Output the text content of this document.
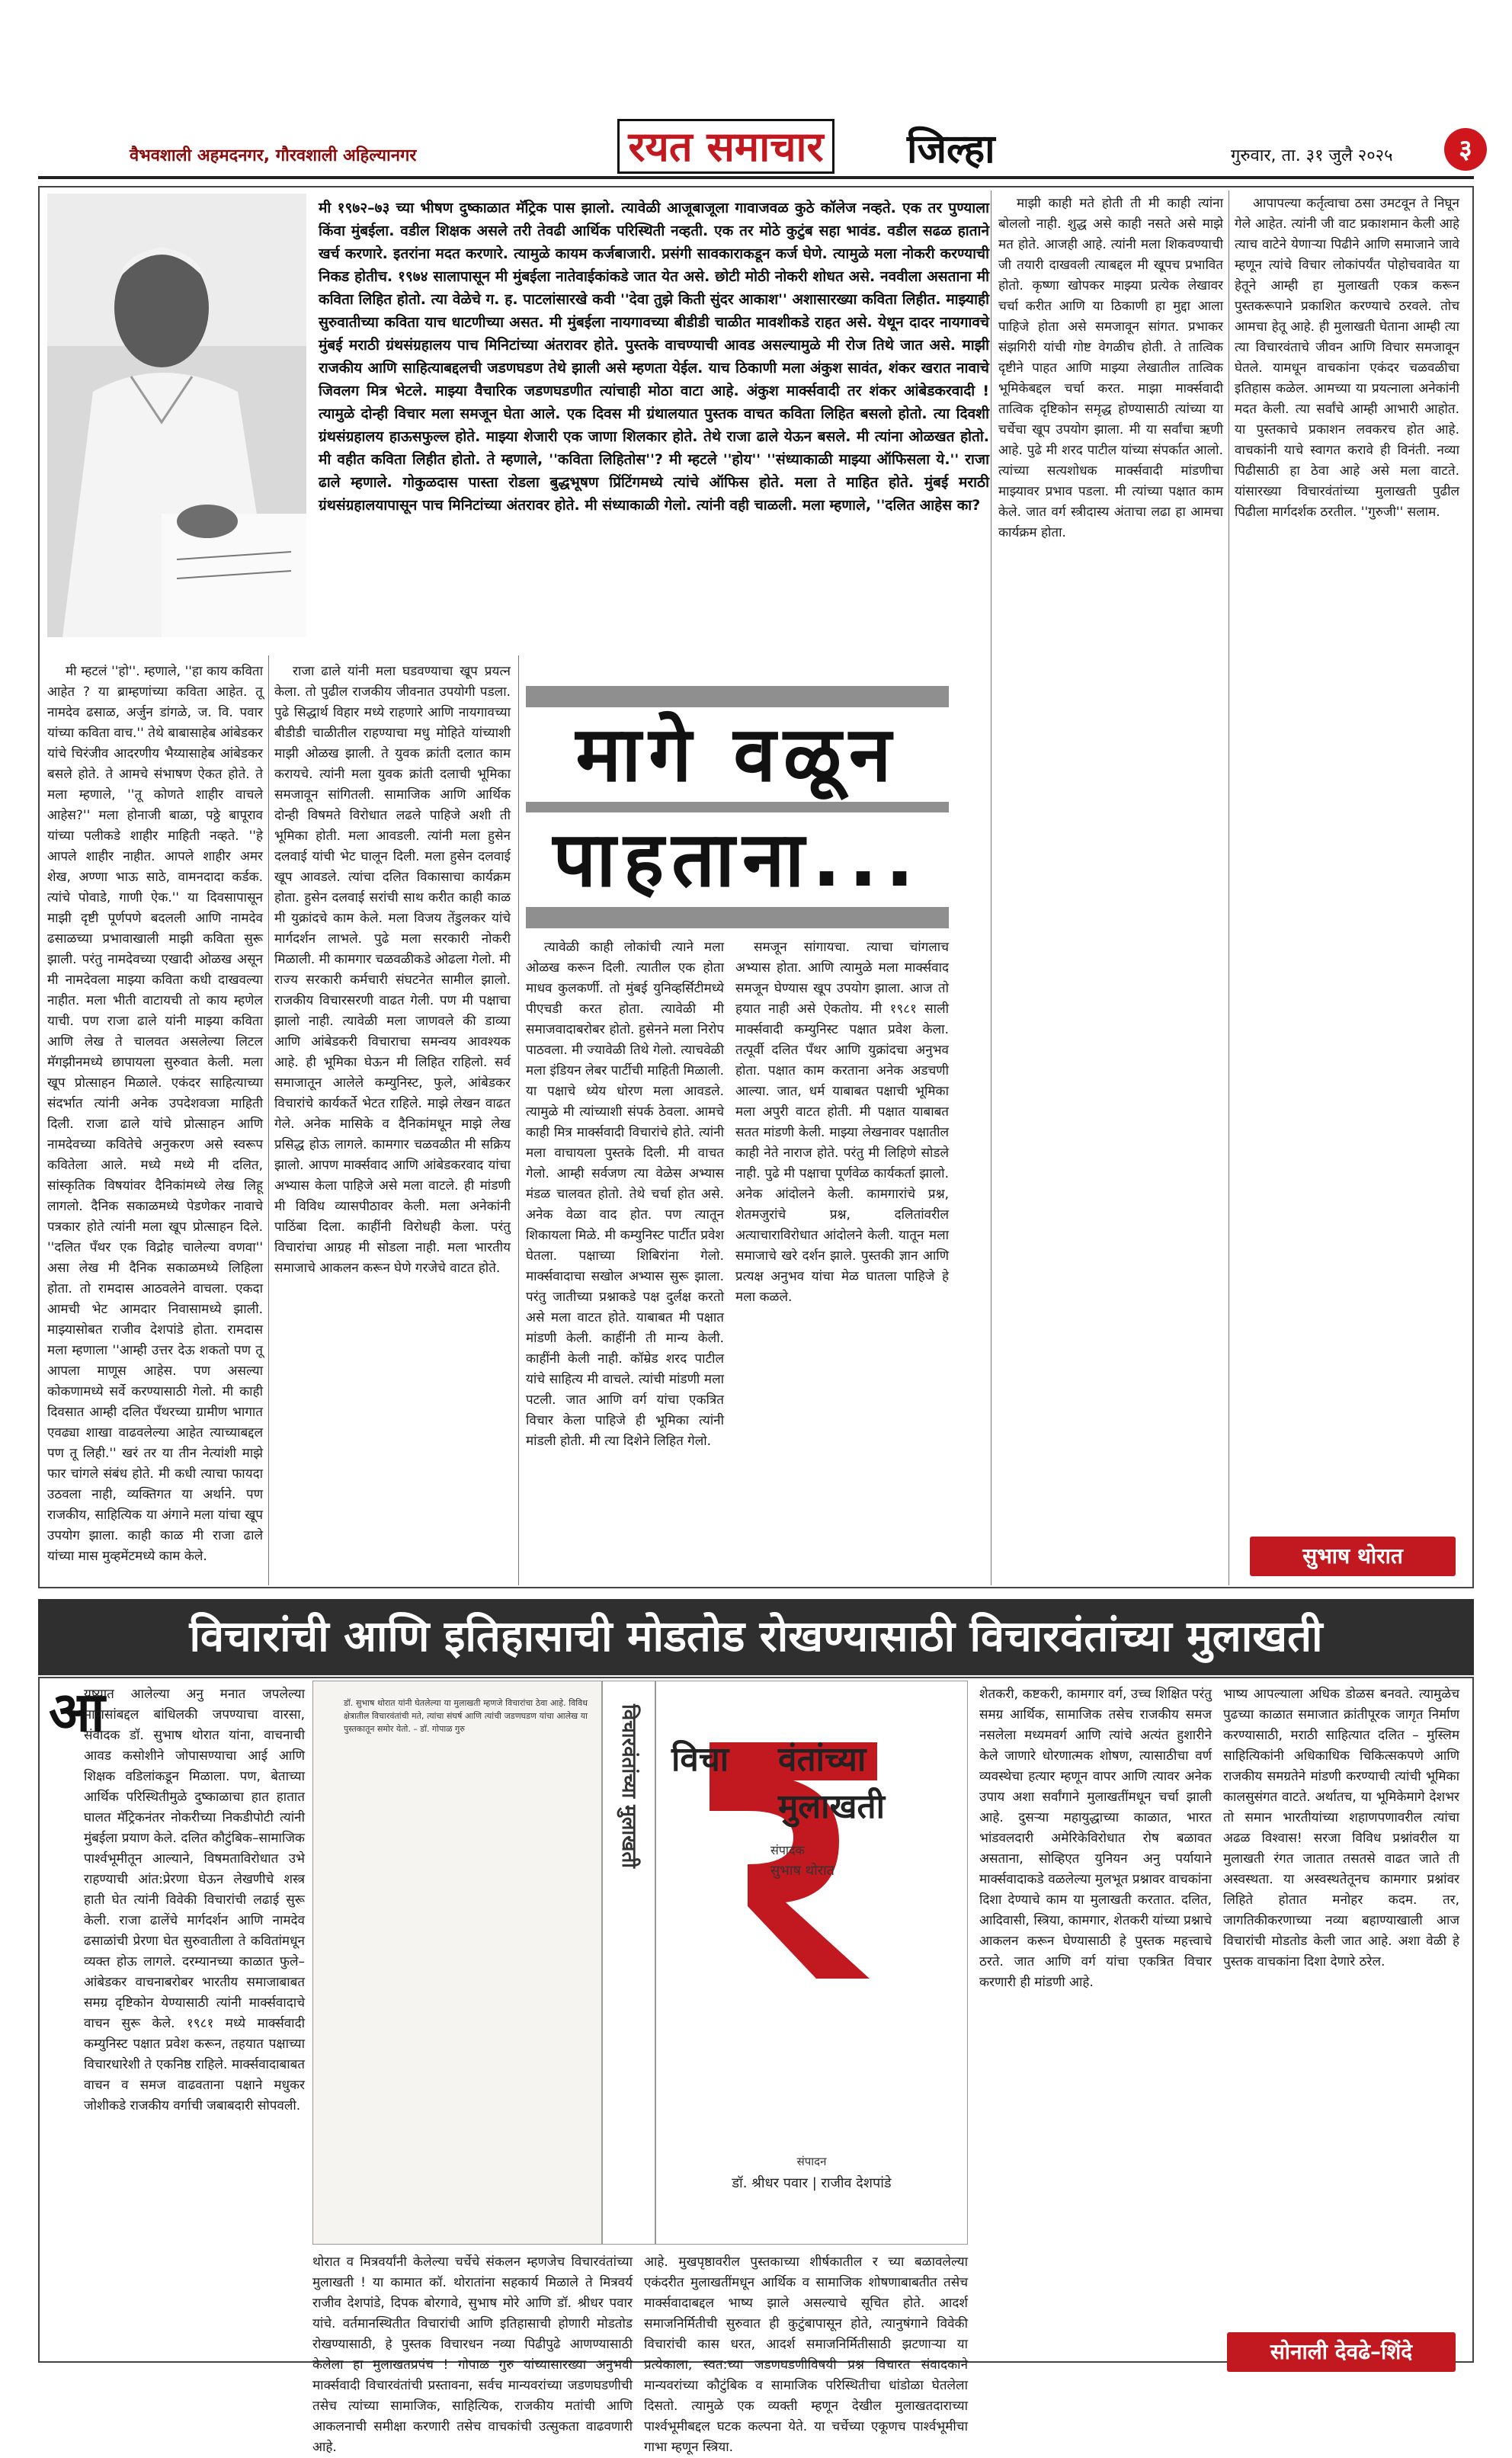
वैभवशाली अहमदनगर, गौरवशाली अहिल्यानगर	रयत समाचार जिल्हा	गुरुवार, ता. ३१ जुलै २०२५	३
मी १९७२–७३ च्या भीषण दुष्काळात मॅट्रिक पास झालो. त्यावेळी आजूबाजूला गावाजवळ कुठे कॉलेज नव्हते. एक तर पुण्याला किंवा मुंबईला. वडील शिक्षक असले तरी तेवढी आर्थिक परिस्थिती नव्हती. एक तर मोठे कुटुंब सहा भावंड. वडील सढळ हाताने खर्च करणारे. इतरांना मदत करणारे. त्यामुळे कायम कर्जबाजारी. प्रसंगी सावकाराकडून कर्ज घेणे. त्यामुळे मला नोकरी करण्याची निकड होतीच. १९७४ सालापासून मी मुंबईला नातेवाईकांकडे जात येत असे. छोटी मोठी नोकरी शोधत असे. नववीला असताना मी कविता लिहित होतो. त्या वेळेचे ग. ह. पाटलांसारखे कवी ''देवा तुझे किती सुंदर आकाश'' अशासारख्या कविता लिहीत. माझ्याही सुरुवातीच्या कविता याच धाटणीच्या असत. मी मुंबईला नायगावच्या बीडीडी चाळीत मावशीकडे राहत असे. येथून दादर नायगावचे मुंबई मराठी ग्रंथसंग्रहालय पाच मिनिटांच्या अंतरावर होते. पुस्तके वाचण्याची आवड असल्यामुळे मी रोज तिथे जात असे. माझी राजकीय आणि साहित्याबद्दलची जडणघडण तेथे झाली असे म्हणता येईल. याच ठिकाणी मला अंकुश सावंत, शंकर खरात नावाचे जिवलग मित्र भेटले. माझ्या वैचारिक जडणघडणीत त्यांचाही मोठा वाटा आहे. अंकुश मार्क्सवादी तर शंकर आंबेडकरवादी ! त्यामुळे दोन्ही विचार मला समजून घेता आले. एक दिवस मी ग्रंथालयात पुस्तक वाचत कविता लिहित बसलो होतो. त्या दिवशी ग्रंथसंग्रहालय हाऊसफुल्ल होते. माझ्या शेजारी एक जाणा शिलकार होते. तेथे राजा ढाले येऊन बसले. मी त्यांना ओळखत होतो. मी वहीत कविता लिहीत होतो. ते म्हणाले, ''कविता लिहितोस''? मी म्हटले ''होय'' ''संध्याकाळी माझ्या ऑफिसला ये.'' राजा ढाले म्हणाले. गोकुळदास पास्ता रोडला बुद्धभूषण प्रिंटिंगमध्ये त्यांचे ऑफिस होते. मला ते माहित होते. मुंबई मराठी ग्रंथसंग्रहालयापासून पाच मिनिटांच्या अंतरावर होते. मी संध्याकाळी गेलो. त्यांनी वही चाळली. मला म्हणाले, ''दलित आहेस का?

मी म्हटलं ''हो''. म्हणाले, ''हा काय कविता आहेत ? या ब्राम्हणांच्या कविता आहेत. तू नामदेव ढसाळ, अर्जुन डांगळे, ज. वि. पवार यांच्या कविता वाच.'' तेथे बाबासाहेब आंबेडकर यांचे चिरंजीव आदरणीय भैय्यासाहेब आंबेडकर बसले होते. ते आमचे संभाषण ऐकत होते. ते मला म्हणाले, ''तू कोणते शाहीर वाचले आहेस?'' मला होनाजी बाळा, पठ्ठे बापूराव यांच्या पलीकडे शाहीर माहिती नव्हते. ''हे आपले शाहीर नाहीत. आपले शाहीर अमर शेख, अण्णा भाऊ साठे, वामनदादा कर्डक. त्यांचे पोवाडे, गाणी ऐक.'' या दिवसापासून माझी दृष्टी पूर्णपणे बदलली आणि नामदेव ढसाळच्या प्रभावाखाली माझी कविता सुरू झाली. परंतु नामदेवच्या एखादी ओळख असून मी नामदेवला माझ्या कविता कधी दाखवल्या नाहीत. मला भीती वाटायची तो काय म्हणेल याची. पण राजा ढाले यांनी माझ्या कविता आणि लेख ते चालवत असलेल्या लिटल मॅगझीनमध्ये छापायला सुरुवात केली. मला खूप प्रोत्साहन मिळाले. एकंदर साहित्याच्या संदर्भात त्यांनी अनेक उपदेशवजा माहिती दिली. राजा ढाले यांचे प्रोत्साहन आणि नामदेवच्या कवितेचे अनुकरण असे स्वरूप कवितेला आले. मध्ये मध्ये मी दलित, सांस्कृतिक विषयांवर दैनिकांमध्ये लेख लिहू लागलो. दैनिक सकाळमध्ये पेडणेकर नावाचे पत्रकार होते त्यांनी मला खूप प्रोत्साहन दिले. ''दलित पँथर एक विद्रोह चालेल्या वणवा'' असा लेख मी दैनिक सकाळमध्ये लिहिला होता. तो रामदास आठवलेने वाचला. एकदा आमची भेट आमदार निवासामध्ये झाली. माझ्यासोबत राजीव देशपांडे होता. रामदास मला म्हणाला ''आम्ही उत्तर देऊ शकतो पण तू आपला माणूस आहेस. पण असल्या कोकणामध्ये सर्वे करण्यासाठी गेलो. मी काही दिवसात आम्ही दलित पँथरच्या ग्रामीण भागात एवढ्या शाखा वाढवलेल्या आहेत त्याच्याबद्दल पण तू लिही.'' खरं तर या तीन नेत्यांशी माझे फार चांगले संबंध होते. मी कधी त्याचा फायदा उठवला नाही, व्यक्तिगत या अर्थाने. पण राजकीय, साहित्यिक या अंगाने मला यांचा खूप उपयोग झाला. काही काळ मी राजा ढाले यांच्या मास मुव्हमेंटमध्ये काम केले.

राजा ढाले यांनी मला घडवण्याचा खूप प्रयत्न केला. तो पुढील राजकीय जीवनात उपयोगी पडला. पुढे सिद्धार्थ विहार मध्ये राहणारे आणि नायगावच्या बीडीडी चाळीतील राहण्याचा मधु मोहिते यांच्याशी माझी ओळख झाली. ते युवक क्रांती दलात काम करायचे. त्यांनी मला युवक क्रांती दलाची भूमिका समजावून सांगितली. सामाजिक आणि आर्थिक दोन्ही विषमते विरोधात लढले पाहिजे अशी ती भूमिका होती. मला आवडली. त्यांनी मला हुसेन दलवाई यांची भेट घालून दिली. मला हुसेन दलवाई खूप आवडले. त्यांचा दलित विकासाचा कार्यक्रम होता. हुसेन दलवाई सरांची साथ करीत काही काळ मी युक्रांदचे काम केले. मला विजय तेंडुलकर यांचे मार्गदर्शन लाभले. पुढे मला सरकारी नोकरी मिळाली. मी कामगार चळवळीकडे ओढला गेलो. मी राज्य सरकारी कर्मचारी संघटनेत सामील झालो. राजकीय विचारसरणी वाढत गेली. पण मी पक्षाचा झालो नाही. त्यावेळी मला जाणवले की डाव्या आणि आंबेडकरी विचाराचा समन्वय आवश्यक आहे. ही भूमिका घेऊन मी लिहित राहिलो. सर्व समाजातून आलेले कम्युनिस्ट, फुले, आंबेडकर विचारांचे कार्यकर्ते भेटत राहिले. माझे लेखन वाढत गेले. अनेक मासिके व दैनिकांमधून माझे लेख प्रसिद्ध होऊ लागले. कामगार चळवळीत मी सक्रिय झालो. आपण मार्क्सवाद आणि आंबेडकरवाद यांचा अभ्यास केला पाहिजे असे मला वाटले. ही मांडणी मी विविध व्यासपीठावर केली. मला अनेकांनी पाठिंबा दिला. काहींनी विरोधही केला. परंतु विचारांचा आग्रह मी सोडला नाही. मला भारतीय समाजाचे आकलन करून घेणे गरजेचे वाटत होते.

मागे वळून
पाहताना...

त्यावेळी काही लोकांची त्याने मला ओळख करून दिली. त्यातील एक होता माधव कुलकर्णी. तो मुंबई युनिव्हर्सिटीमध्ये पीएचडी करत होता. त्यावेळी मी समाजवादाबरोबर होतो. हुसेनने मला निरोप पाठवला. मी ज्यावेळी तिथे गेलो. त्याचवेळी मला इंडियन लेबर पार्टीची माहिती मिळाली. या पक्षाचे ध्येय धोरण मला आवडले. त्यामुळे मी त्यांच्याशी संपर्क ठेवला. आमचे काही मित्र मार्क्सवादी विचारांचे होते. त्यांनी मला वाचायला पुस्तके दिली. मी वाचत गेलो. आम्ही सर्वजण त्या वेळेस अभ्यास मंडळ चालवत होतो. तेथे चर्चा होत असे. अनेक वेळा वाद होत. पण त्यातून शिकायला मिळे. मी कम्युनिस्ट पार्टीत प्रवेश घेतला. पक्षाच्या शिबिरांना गेलो. मार्क्सवादाचा सखोल अभ्यास सुरू झाला. परंतु जातीच्या प्रश्नाकडे पक्ष दुर्लक्ष करतो असे मला वाटत होते. याबाबत मी पक्षात मांडणी केली. काहींनी ती मान्य केली. काहींनी केली नाही. कॉम्रेड शरद पाटील यांचे साहित्य मी वाचले. त्यांची मांडणी मला पटली. जात आणि वर्ग यांचा एकत्रित विचार केला पाहिजे ही भूमिका त्यांनी मांडली होती. मी त्या दिशेने लिहित गेलो.

समजून सांगायचा. त्याचा चांगलाच अभ्यास होता. आणि त्यामुळे मला मार्क्सवाद समजून घेण्यास खूप उपयोग झाला. आज तो हयात नाही असे ऐकतोय. मी १९८१ साली मार्क्सवादी कम्युनिस्ट पक्षात प्रवेश केला. तत्पूर्वी दलित पँथर आणि युक्रांदचा अनुभव होता. पक्षात काम करताना अनेक अडचणी आल्या. जात, धर्म याबाबत पक्षाची भूमिका मला अपुरी वाटत होती. मी पक्षात याबाबत सतत मांडणी केली. माझ्या लेखनावर पक्षातील काही नेते नाराज होते. परंतु मी लिहिणे सोडले नाही. पुढे मी पक्षाचा पूर्णवेळ कार्यकर्ता झालो. अनेक आंदोलने केली. कामगारांचे प्रश्न, शेतमजुरांचे प्रश्न, दलितांवरील अत्याचाराविरोधात आंदोलने केली. यातून मला समाजाचे खरे दर्शन झाले. पुस्तकी ज्ञान आणि प्रत्यक्ष अनुभव यांचा मेळ घातला पाहिजे हे मला कळले.

माझी काही मते होती ती मी काही त्यांना बोललो नाही. शुद्ध असे काही नसते असे माझे मत होते. आजही आहे. त्यांनी मला शिकवण्याची जी तयारी दाखवली त्याबद्दल मी खूपच प्रभावित होतो. कृष्णा खोपकर माझ्या प्रत्येक लेखावर चर्चा करीत आणि या ठिकाणी हा मुद्दा आला पाहिजे होता असे समजावून सांगत. प्रभाकर संझगिरी यांची गोष्ट वेगळीच होती. ते तात्विक दृष्टीने पाहत आणि माझ्या लेखातील तात्विक भूमिकेबद्दल चर्चा करत. माझा मार्क्सवादी तात्विक दृष्टिकोन समृद्ध होण्यासाठी त्यांच्या या चर्चेचा खूप उपयोग झाला. मी या सर्वांचा ऋणी आहे. पुढे मी शरद पाटील यांच्या संपर्कात आलो. त्यांच्या सत्यशोधक मार्क्सवादी मांडणीचा माझ्यावर प्रभाव पडला. मी त्यांच्या पक्षात काम केले. जात वर्ग स्त्रीदास्य अंताचा लढा हा आमचा कार्यक्रम होता.

आपापल्या कर्तृत्वाचा ठसा उमटवून ते निघून गेले आहेत. त्यांनी जी वाट प्रकाशमान केली आहे त्याच वाटेने येणाऱ्या पिढीने आणि समाजाने जावे म्हणून त्यांचे विचार लोकांपर्यंत पोहोचवावेत या हेतूने आम्ही हा मुलाखती एकत्र करून पुस्तकरूपाने प्रकाशित करण्याचे ठरवले. तोच आमचा हेतू आहे. ही मुलाखती घेताना आम्ही त्या त्या विचारवंताचे जीवन आणि विचार समजावून घेतले. यामधून वाचकांना एकंदर चळवळीचा इतिहास कळेल. आमच्या या प्रयत्नाला अनेकांनी मदत केली. त्या सर्वांचे आम्ही आभारी आहोत. या पुस्तकाचे प्रकाशन लवकरच होत आहे. वाचकांनी याचे स्वागत करावे ही विनंती. नव्या पिढीसाठी हा ठेवा आहे असे मला वाटते. यांसारख्या विचारवंतांच्या मुलाखती पुढील पिढीला मार्गदर्शक ठरतील. ''गुरुजी'' सलाम.

सुभाष थोरात
विचारांची आणि इतिहासाची मोडतोड रोखण्यासाठी विचारवंतांच्या मुलाखती
आ

युष्यात आलेल्या अनु मनात जपलेल्या माणसांबद्दल बांधिलकी जपण्याचा वारसा, संवादक डॉ. सुभाष थोरात यांना, वाचनाची आवड कसोशीने जोपासण्याचा आई आणि शिक्षक वडिलांकडून मिळाला. पण, बेताच्या आर्थिक परिस्थितीमुळे दुष्काळाचा हात हातात घालत मॅट्रिकनंतर नोकरीच्या निकडीपोटी त्यांनी मुंबईला प्रयाण केले. दलित कौटुंबिक–सामाजिक पार्श्वभूमीतून आल्याने, विषमताविरोधात उभे राहण्याची आंत:प्रेरणा घेऊन लेखणीचे शस्त्र हाती घेत त्यांनी विवेकी विचारांची लढाई सुरू केली. राजा ढालेंचे मार्गदर्शन आणि नामदेव ढसाळांची प्रेरणा घेत सुरुवातीला ते कवितांमधून व्यक्त होऊ लागले. दरम्यानच्या काळात फुले–आंबेडकर वाचनाबरोबर भारतीय समाजाबाबत समग्र दृष्टिकोन येण्यासाठी त्यांनी मार्क्सवादाचे वाचन सुरू केले. १९८१ मध्ये मार्क्सवादी कम्युनिस्ट पक्षात प्रवेश करून, तहयात पक्षाच्या विचारधारेशी ते एकनिष्ठ राहिले. मार्क्सवादाबाबत वाचन व समज वाढवताना पक्षाने मधुकर जोशीकडे राजकीय वर्गाची जबाबदारी सोपवली.

डॉ. सुभाष थोरात यांनी घेतलेल्या या मुलाखती म्हणजे विचारांचा ठेवा आहे. विविध क्षेत्रातील विचारवंतांची मते, त्यांचा संघर्ष आणि त्यांची जडणघडण यांचा आलेख या पुस्तकातून समोर येतो. – डॉ. गोपाळ गुरु	विचारवंतांच्या मुलाखती विचा वंतांच्या
मुलाखती
संपादक
सुभाष थोरात
संपादन
डॉ. श्रीधर पवार | राजीव देशपांडे

थोरात व मित्रवर्यांनी केलेल्या चर्चेचे संकलन म्हणजेच विचारवंतांच्या मुलाखती ! या कामात कॉ. थोरातांना सहकार्य मिळाले ते मित्रवर्य राजीव देशपांडे, दिपक बोरगावे, सुभाष मोरे आणि डॉ. श्रीधर पवार यांचे. वर्तमानस्थितीत विचारांची आणि इतिहासाची होणारी मोडतोड रोखण्यासाठी, हे पुस्तक विचारधन नव्या पिढीपुढे आणण्यासाठी केलेला हा मुलाखतप्रपंच ! गोपाळ गुरु यांच्यासारख्या अनुभवी मार्क्सवादी विचारवंतांची प्रस्तावना, सर्वच मान्यवरांच्या जडणघडणीची तसेच त्यांच्या सामाजिक, साहित्यिक, राजकीय मतांची आणि आकलनाची समीक्षा करणारी तसेच वाचकांची उत्सुकता वाढवणारी आहे.

आहे. मुखपृष्ठावरील पुस्तकाच्या शीर्षकातील र च्या बळावलेल्या एकंदरीत मुलाखतींमधून आर्थिक व सामाजिक शोषणाबाबतीत तसेच मार्क्सवादाबद्दल भाष्य झाले असल्याचे सूचित होते. आदर्श समाजनिर्मितीची सुरुवात ही कुटुंबापासून होते, त्यानुषंगाने विवेकी विचारांची कास धरत, आदर्श समाजनिर्मितीसाठी झटणाऱ्या या प्रत्येकाला, स्वत:च्या जडणघडणीविषयी प्रश्न विचारत संवादकाने मान्यवरांच्या कौटुंबिक व सामाजिक परिस्थितीचा धांडोळा घेतलेला दिसतो. त्यामुळे एक व्यक्ती म्हणून देखील मुलाखतदाराच्या पार्श्वभूमीबद्दल घटक कल्पना येते. या चर्चेच्या एकूणच पार्श्वभूमीचा गाभा म्हणून स्त्रिया.

शेतकरी, कष्टकरी, कामगार वर्ग, उच्च शिक्षित परंतु समग्र आर्थिक, सामाजिक तसेच राजकीय समज नसलेला मध्यमवर्ग आणि त्यांचे अत्यंत हुशारीने केले जाणारे धोरणात्मक शोषण, त्यासाठीचा वर्ण व्यवस्थेचा हत्यार म्हणून वापर आणि त्यावर अनेक उपाय अशा सर्वांगाने मुलाखतींमधून चर्चा झाली आहे. दुसऱ्या महायुद्धाच्या काळात, भारत भांडवलदारी अमेरिकेविरोधात रोष बळावत असताना, सोव्हिएत युनियन अनु पर्यायाने मार्क्सवादाकडे वळलेल्या मुलभूत प्रश्नावर वाचकांना दिशा देण्याचे काम या मुलाखती करतात. दलित, आदिवासी, स्त्रिया, कामगार, शेतकरी यांच्या प्रश्नाचे आकलन करून घेण्यासाठी हे पुस्तक महत्त्वाचे ठरते. जात आणि वर्ग यांचा एकत्रित विचार करणारी ही मांडणी आहे.

भाष्य आपल्याला अधिक डोळस बनवते. त्यामुळेच पुढच्या काळात समाजात क्रांतीपूरक जागृत निर्माण करण्यासाठी, मराठी साहित्यात दलित – मुस्लिम साहित्यिकांनी अधिकाधिक चिकित्सकपणे आणि राजकीय समग्रतेने मांडणी करण्याची त्यांची भूमिका कालसुसंगत वाटते. अर्थातच, या भूमिकेमागे देशभर तो समान भारतीयांच्या शहाणपणावरील त्यांचा अढळ विश्वास! सरजा विविध प्रश्नांवरील या मुलाखती रंगत जातात तसतसे वाढत जाते ती अस्वस्थता. या अस्वस्थतेतूनच कामगार प्रश्नांवर लिहिते होतात मनोहर कदम. तर, जागतिकीकरणाच्या नव्या बहाण्याखाली आज विचारांची मोडतोड केली जात आहे. अशा वेळी हे पुस्तक वाचकांना दिशा देणारे ठरेल.

सोनाली देवढे–शिंदे
